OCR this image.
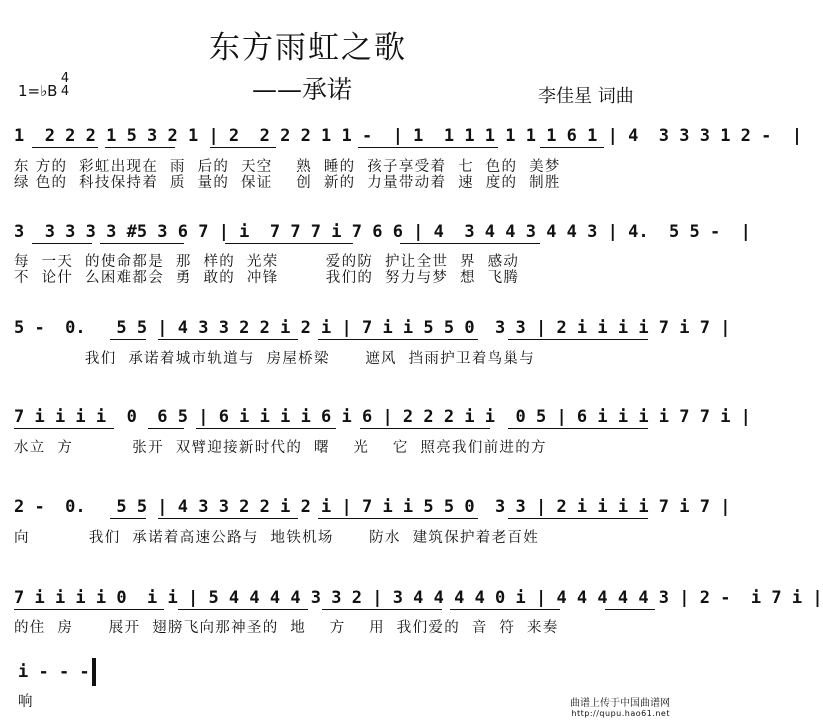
东方雨虹之歌
——承诺	李佳星 词曲
1=♭B
4
4
1  2 2 2 1 5 3 2 1 | 2  2 2 2 1 1 -  | 1  1 1 1 1 1 1 6 1 | 4  3 3 3 1 2 -  |
东 方的  彩虹出现在  雨  后的  天空    熟  睡的  孩子享受着  七  色的  美梦
绿 色的  科技保持着  质  量的  保证    创  新的  力量带动着  速  度的  制胜
3  3 3 3 3 #5 3 6 7 | i  7 7 7 i 7 6 6 | 4  3 4 4 3 4 4 3 | 4.  5 5 -  |
每  一天  的使命都是  那  样的  光荣        爱的防  护让全世  界  感动
不  论什  么困难都会  勇  敢的  冲锋        我们的  努力与梦  想  飞腾
5 -  0.   5 5 | 4 3 3 2 2 i 2 i | 7 i i 5 5 0  3 3 | 2 i i i i 7 i 7 |
我们  承诺着城市轨道与  房屋桥梁      遮风  挡雨护卫着鸟巢与
7 i i i i  0  6 5 | 6 i i i i 6 i 6 | 2 2 2 i i  0 5 | 6 i i i i 7 7 i |
水立  方          张开  双臂迎接新时代的  曙    光    它  照亮我们前进的方
2 -  0.   5 5 | 4 3 3 2 2 i 2 i | 7 i i 5 5 0  3 3 | 2 i i i i 7 i 7 |
向          我们  承诺着高速公路与  地铁机场      防水  建筑保护着老百姓
7 i i i i 0  i i | 5 4 4 4 4 3 3 2 | 3 4 4 4 4 0 i | 4 4 4 4 4 3 | 2 -  i 7 i |
的住  房      展开  翅膀飞向那神圣的  地    方    用  我们爱的  音  符  来奏
i - - -
响	曲谱上传于中国曲谱网
http://qupu.hao61.net
